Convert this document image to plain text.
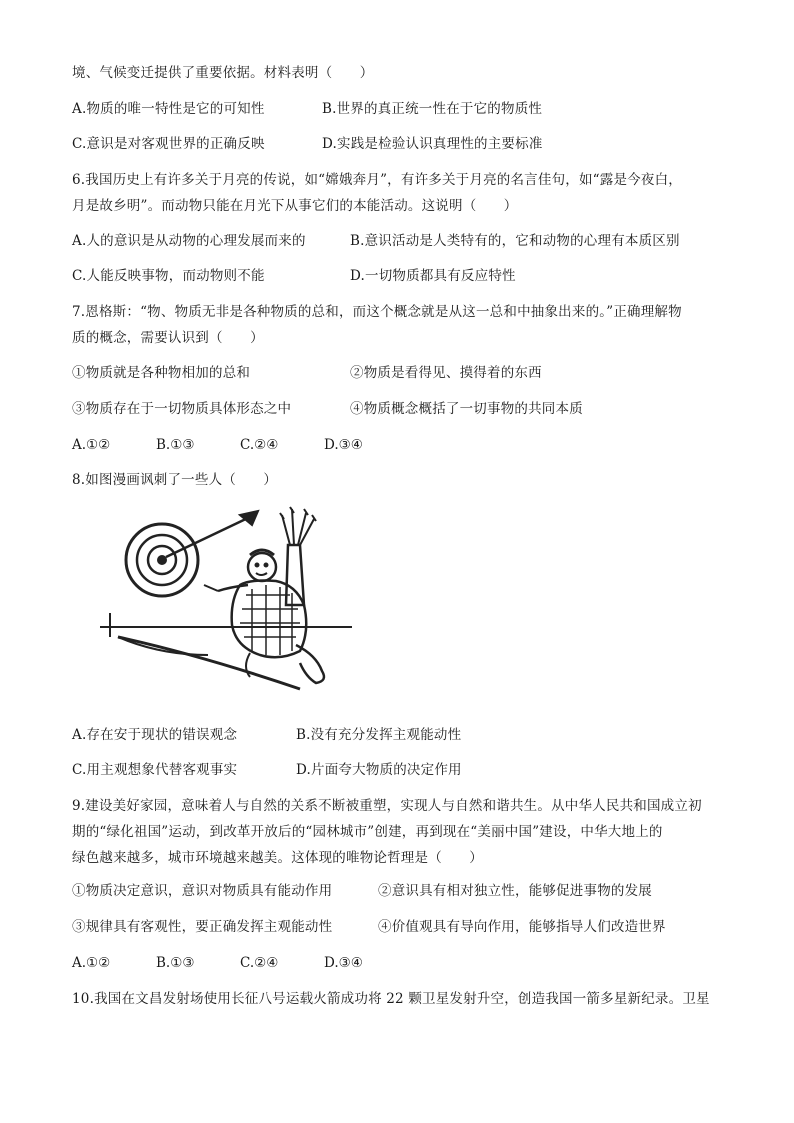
境、气候变迁提供了重要依据。材料表明（　　）
A.物质的唯一特性是它的可知性	B.世界的真正统一性在于它的物质性
C.意识是对客观世界的正确反映	D.实践是检验认识真理性的主要标准
6.我国历史上有许多关于月亮的传说，如“嫦娥奔月”，有许多关于月亮的名言佳句，如“露是今夜白，
月是故乡明”。而动物只能在月光下从事它们的本能活动。这说明（　　）
A.人的意识是从动物的心理发展而来的	B.意识活动是人类特有的，它和动物的心理有本质区别
C.人能反映事物，而动物则不能	D.一切物质都具有反应特性
7.恩格斯：“物、物质无非是各种物质的总和，而这个概念就是从这一总和中抽象出来的。”正确理解物
质的概念，需要认识到（　　）
①物质就是各种物相加的总和	②物质是看得见、摸得着的东西
③物质存在于一切物质具体形态之中	④物质概念概括了一切事物的共同本质
A.①②	B.①③	C.②④	D.③④
8.如图漫画讽刺了一些人（　　）
A.存在安于现状的错误观念	B.没有充分发挥主观能动性
C.用主观想象代替客观事实	D.片面夸大物质的决定作用
9.建设美好家园，意味着人与自然的关系不断被重塑，实现人与自然和谐共生。从中华人民共和国成立初
期的“绿化祖国”运动，到改革开放后的“园林城市”创建，再到现在“美丽中国”建设，中华大地上的
绿色越来越多，城市环境越来越美。这体现的唯物论哲理是（　　）
①物质决定意识，意识对物质具有能动作用	②意识具有相对独立性，能够促进事物的发展
③规律具有客观性，要正确发挥主观能动性	④价值观具有导向作用，能够指导人们改造世界
A.①②	B.①③	C.②④	D.③④
10.我国在文昌发射场使用长征八号运载火箭成功将 22 颗卫星发射升空，创造我国一箭多星新纪录。卫星
